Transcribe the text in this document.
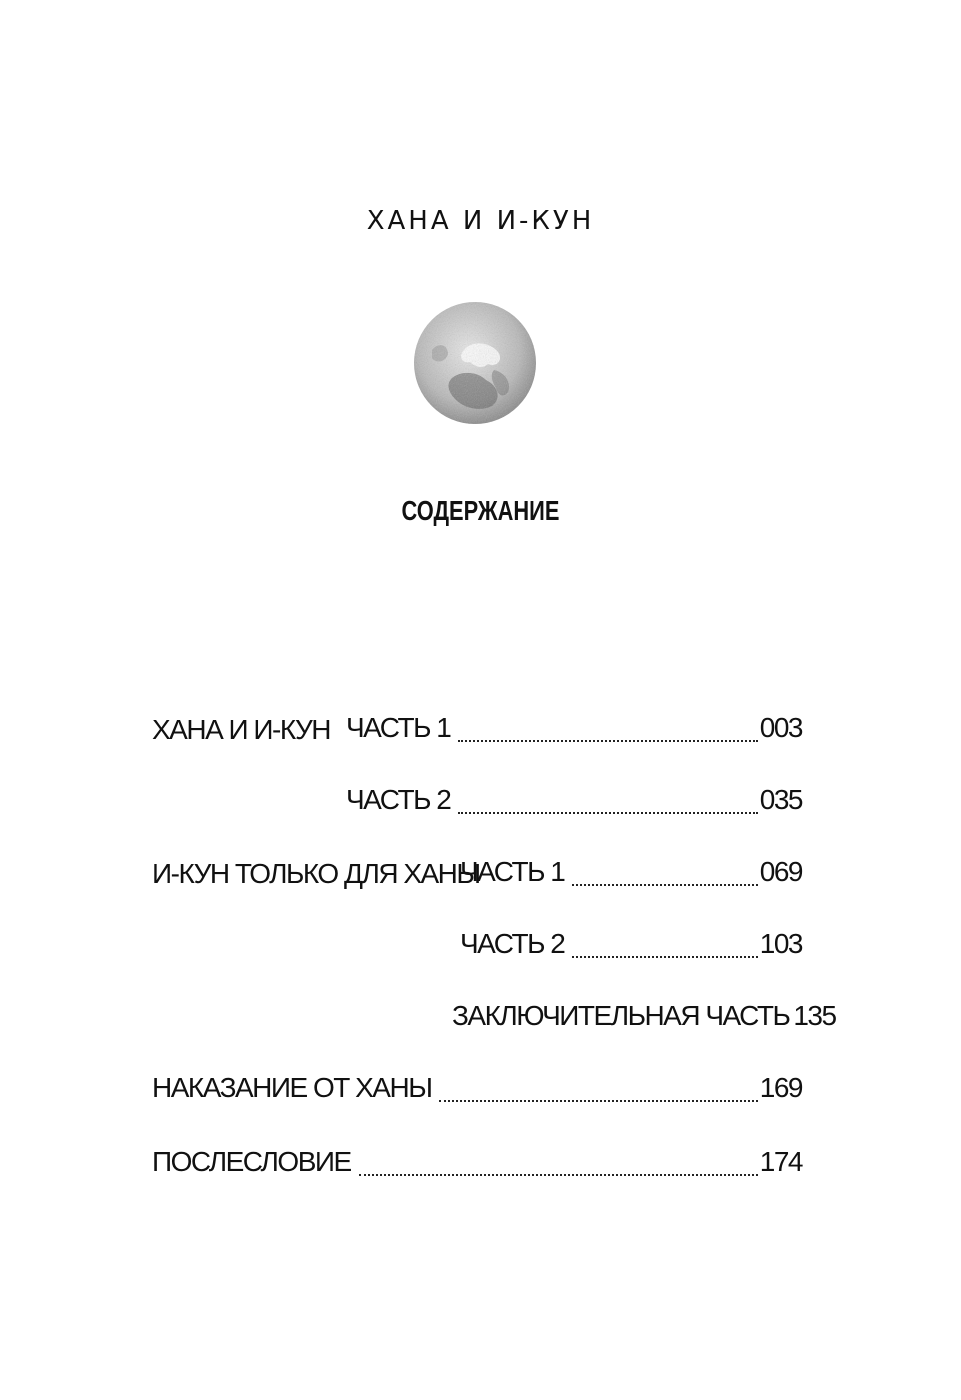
ХАНА И И-КУН
СОДЕРЖАНИЕ
ХАНА И И-КУН ЧАСТЬ 1	003
ЧАСТЬ 2	035
И-КУН ТОЛЬКО ДЛЯ ХАНЫ
ЧАСТЬ 1	069
ЧАСТЬ 2	103
ЗАКЛЮЧИТЕЛЬНАЯ ЧАСТЬ 135
НАКАЗАНИЕ ОТ ХАНЫ	169
ПОСЛЕСЛОВИЕ	174
